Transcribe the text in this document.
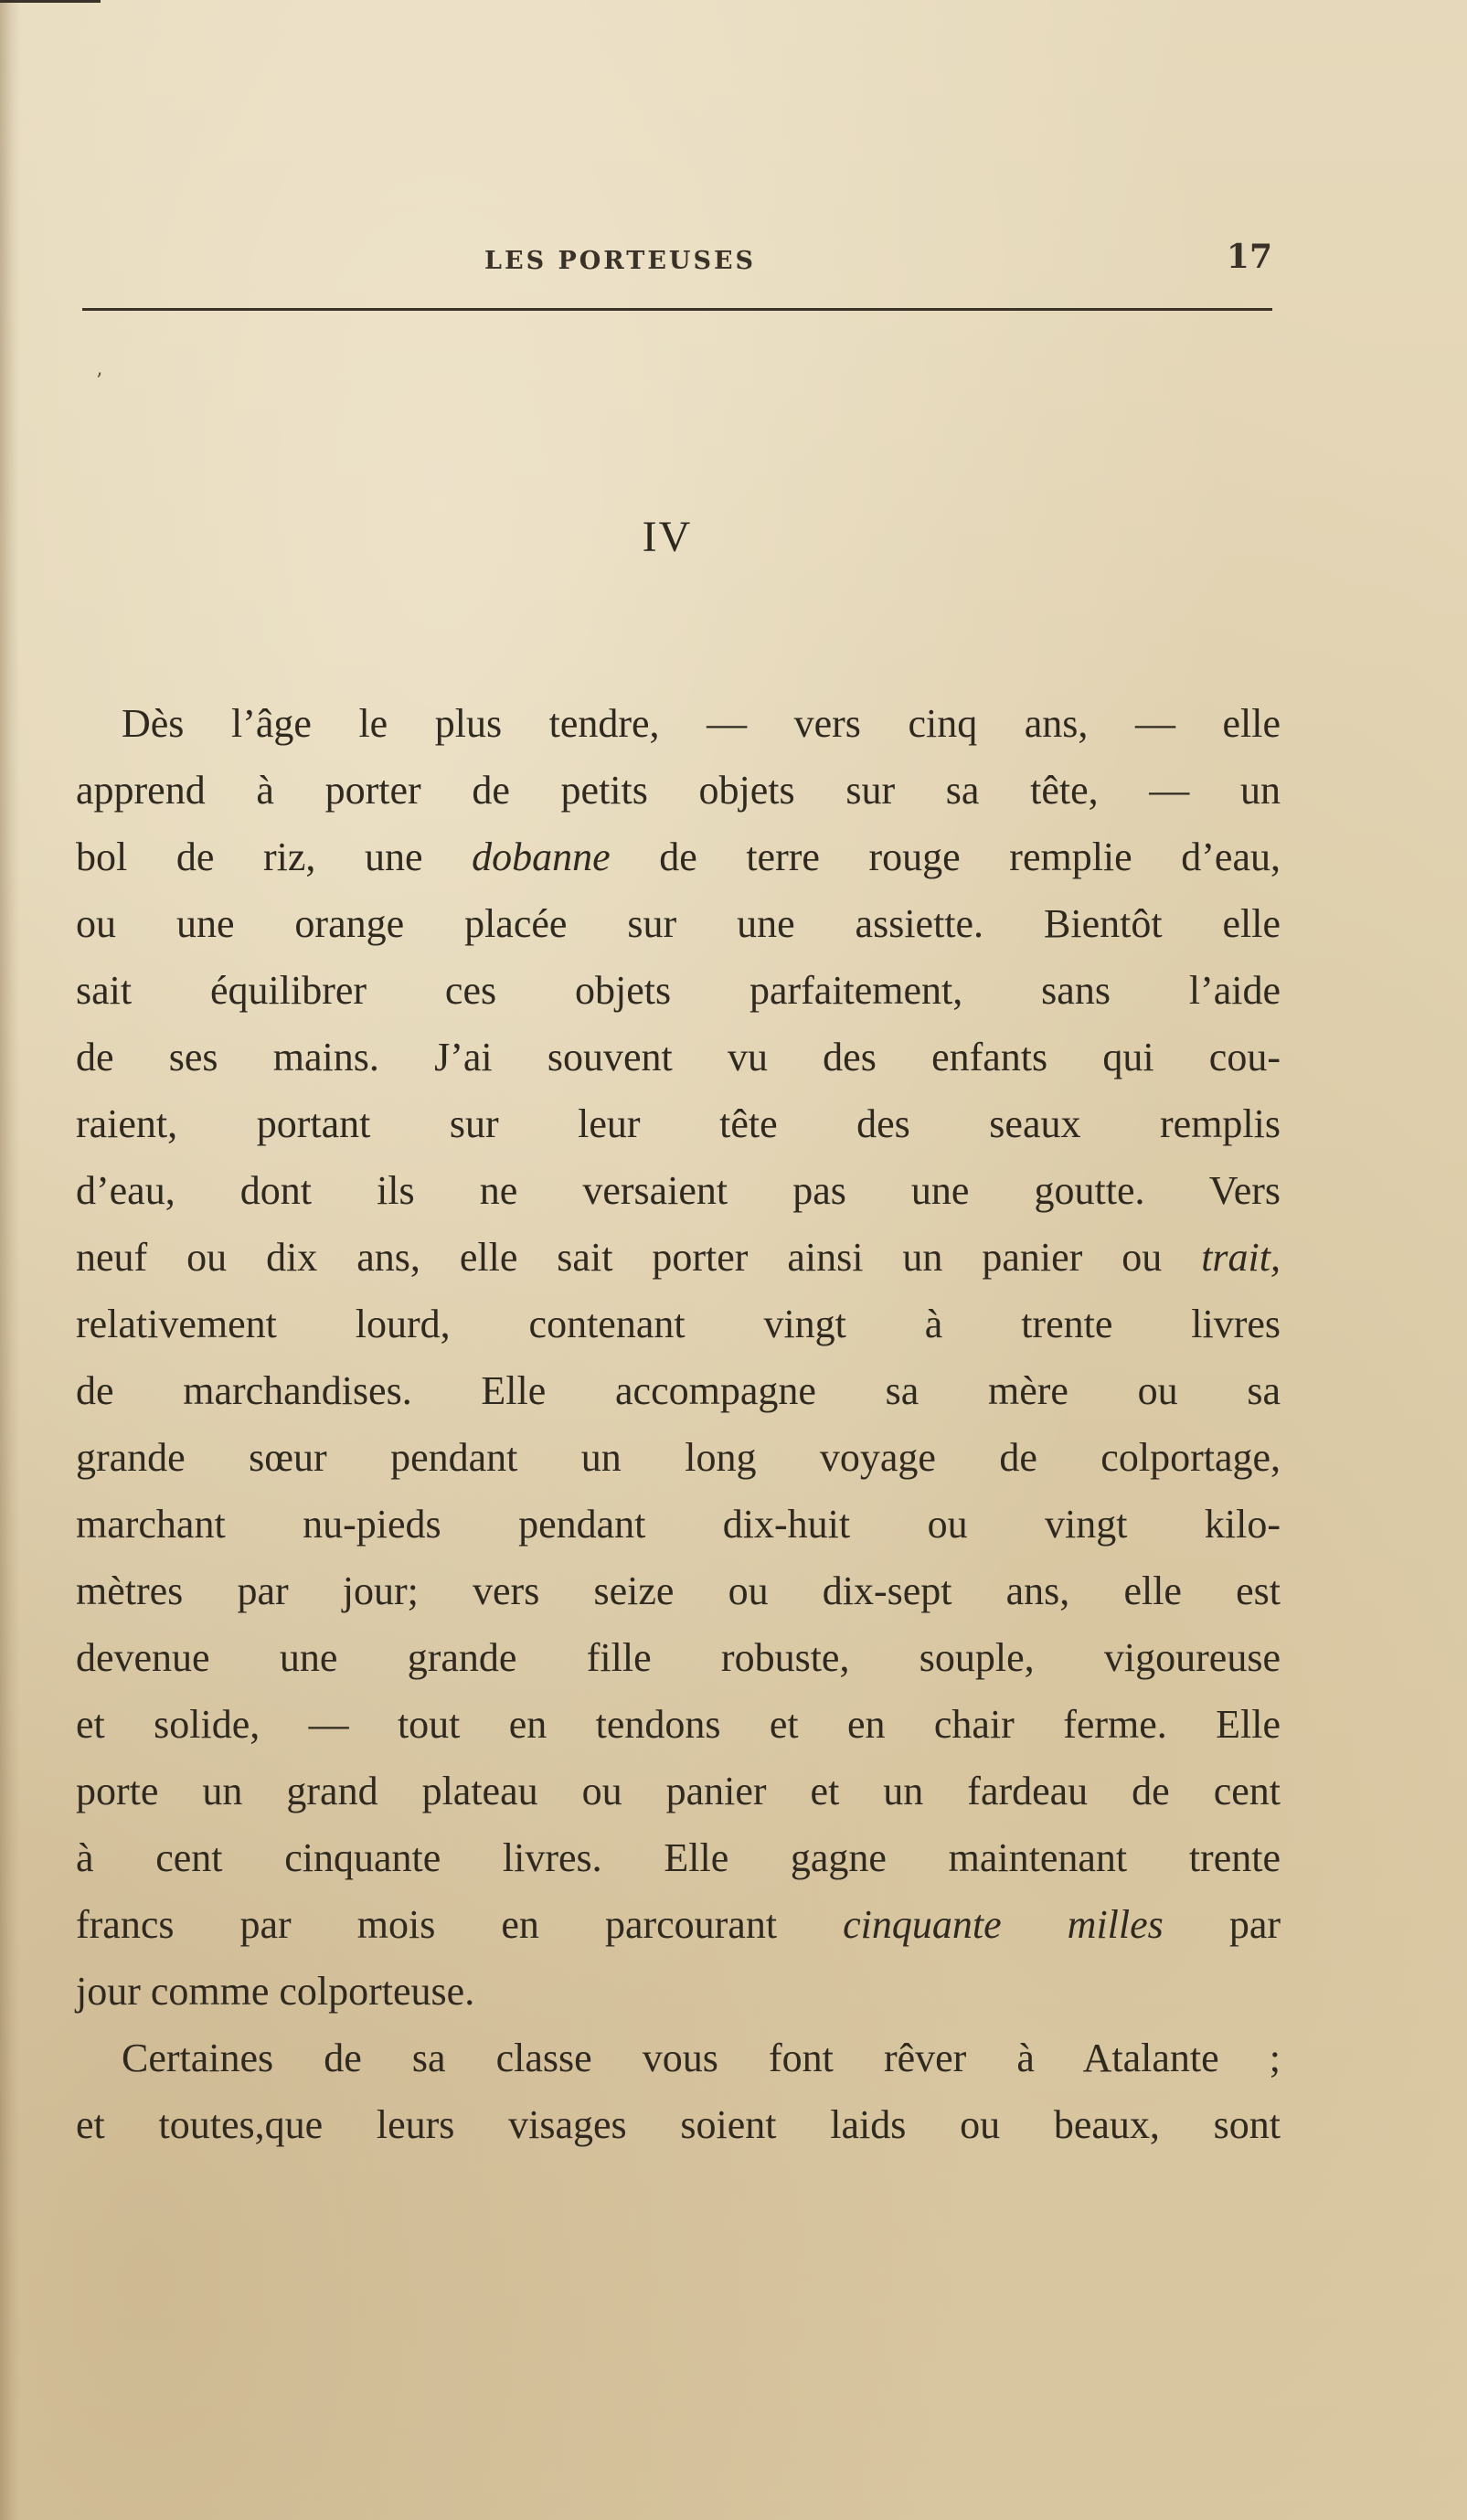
LES PORTEUSES	17
’
IV
Dès l’âge le plus tendre, — vers cinq ans, — elle
apprend à porter de petits objets sur sa tête, — un
bol de riz, une dobanne de terre rouge remplie d’eau,
ou une orange placée sur une assiette. Bientôt elle
sait équilibrer ces objets parfaitement, sans l’aide
de ses mains. J’ai souvent vu des enfants qui cou-
raient, portant sur leur tête des seaux remplis
d’eau, dont ils ne versaient pas une goutte. Vers
neuf ou dix ans, elle sait porter ainsi un panier ou trait,
relativement lourd, contenant vingt à trente livres
de marchandises. Elle accompagne sa mère ou sa
grande sœur pendant un long voyage de colportage,
marchant nu-pieds pendant dix-huit ou vingt kilo-
mètres par jour; vers seize ou dix-sept ans, elle est
devenue une grande fille robuste, souple, vigoureuse
et solide, — tout en tendons et en chair ferme. Elle
porte un grand plateau ou panier et un fardeau de cent
à cent cinquante livres. Elle gagne maintenant trente
francs par mois en parcourant cinquante milles par
jour comme colporteuse.
Certaines de sa classe vous font rêver à Atalante ;
et toutes,que leurs visages soient laids ou beaux, sont
